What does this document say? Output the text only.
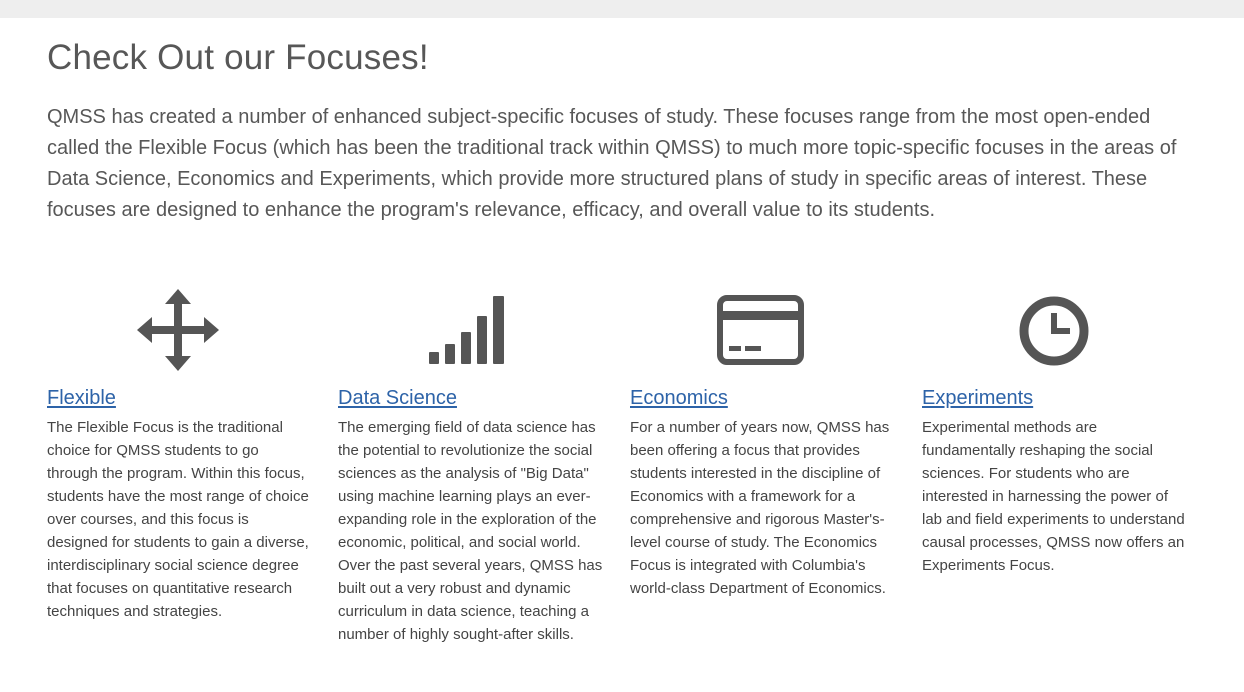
Check Out our Focuses!

QMSS has created a number of enhanced subject-specific focuses of study. These focuses range from the most open-ended called the Flexible Focus (which has been the traditional track within QMSS) to much more topic-specific focuses in the areas of Data Science, Economics and Experiments, which provide more structured plans of study in specific areas of interest. These focuses are designed to enhance the program's relevance, efficacy, and overall value to its students.

Flexible

The Flexible Focus is the traditional choice for QMSS students to go through the program. Within this focus, students have the most range of choice over courses, and this focus is designed for students to gain a diverse, interdisciplinary social science degree that focuses on quantitative research techniques and strategies.

Data Science

The emerging field of data science has the potential to revolutionize the social sciences as the analysis of "Big Data" using machine learning plays an ever-expanding role in the exploration of the economic, political, and social world. Over the past several years, QMSS has built out a very robust and dynamic curriculum in data science, teaching a number of highly sought-after skills.

Economics

For a number of years now, QMSS has been offering a focus that provides students interested in the discipline of Economics with a framework for a comprehensive and rigorous Master's-level course of study. The Economics Focus is integrated with Columbia's world-class Department of Economics.

Experiments

Experimental methods are fundamentally reshaping the social sciences. For students who are interested in harnessing the power of lab and field experiments to understand causal processes, QMSS now offers an Experiments Focus.
